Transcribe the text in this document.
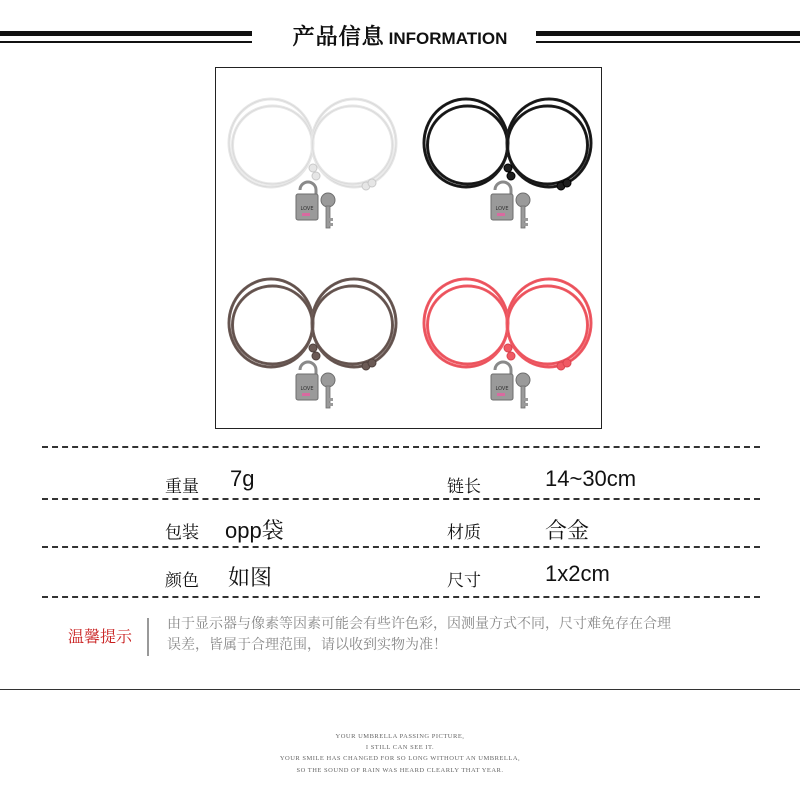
产品信息 INFORMATION
LOVE	LOVE
LOVE	LOVE
重量 7g	链长	14~30cm
包装 opp袋	材质	合金
颜色 如图	尺寸	1x2cm
温馨提示
由于显示器与像素等因素可能会有些许色彩，因测量方式不同，尺寸难免存在合理
误差，皆属于合理范围，请以收到实物为准！
YOUR UMBRELLA PASSING PICTURE,
I STILL CAN SEE IT.
YOUR SMILE HAS CHANGED FOR SO LONG WITHOUT AN UMBRELLA,
SO THE SOUND OF RAIN WAS HEARD CLEARLY THAT YEAR.
